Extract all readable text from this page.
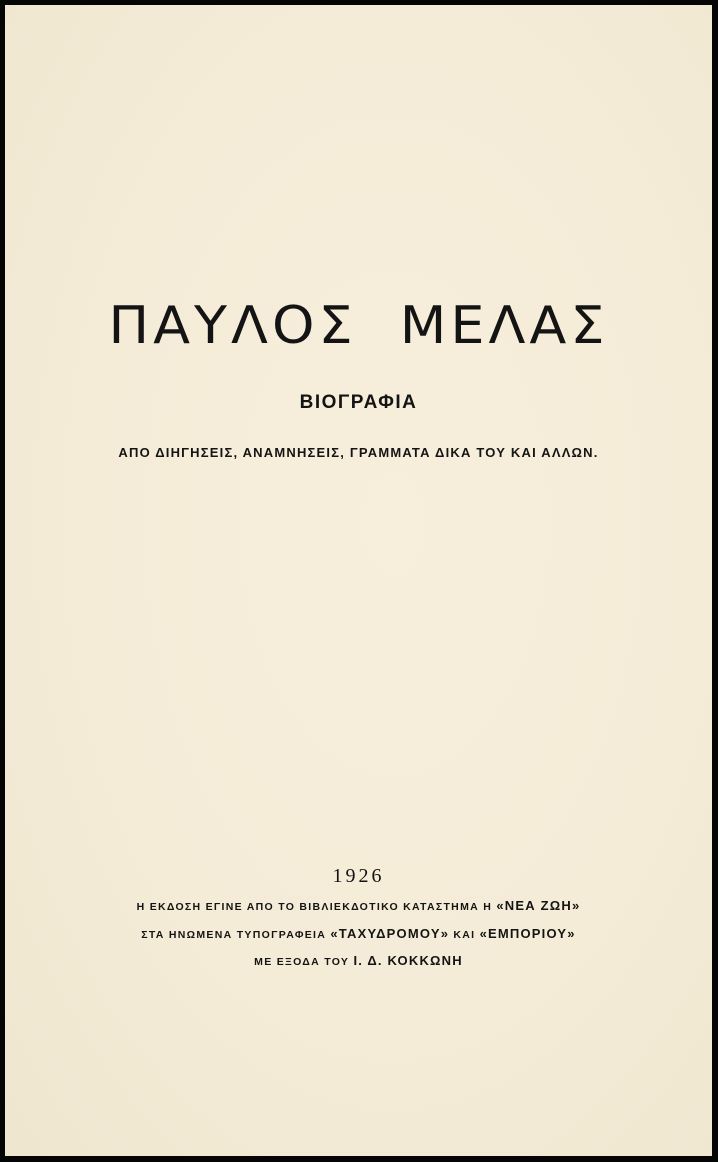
ΠΑΥΛΟΣ ΜΕΛΑΣ
ΒΙΟΓΡΑΦΙΑ
ΑΠΟ ΔΙΗΓΗΣΕΙΣ, ΑΝΑΜΝΗΣΕΙΣ, ΓΡΑΜΜΑΤΑ ΔΙΚΑ ΤΟΥ ΚΑΙ ΑΛΛΩΝ.
1926
Η ΕΚΔΟΣΗ ΕΓΙΝΕ ΑΠΟ ΤΟ ΒΙΒΛΙΕΚΔΟΤΙΚΟ ΚΑΤΑΣΤΗΜΑ Η «ΝΕΑ ΖΩΗ»
ΣΤΑ ΗΝΩΜΕΝΑ ΤΥΠΟΓΡΑΦΕΙΑ «ΤΑΧΥΔΡΟΜΟΥ» ΚΑΙ «ΕΜΠΟΡΙΟΥ»
ΜΕ ΕΞΟΔΑ ΤΟΥ Ι. Δ. ΚΟΚΚΩΝΗ
